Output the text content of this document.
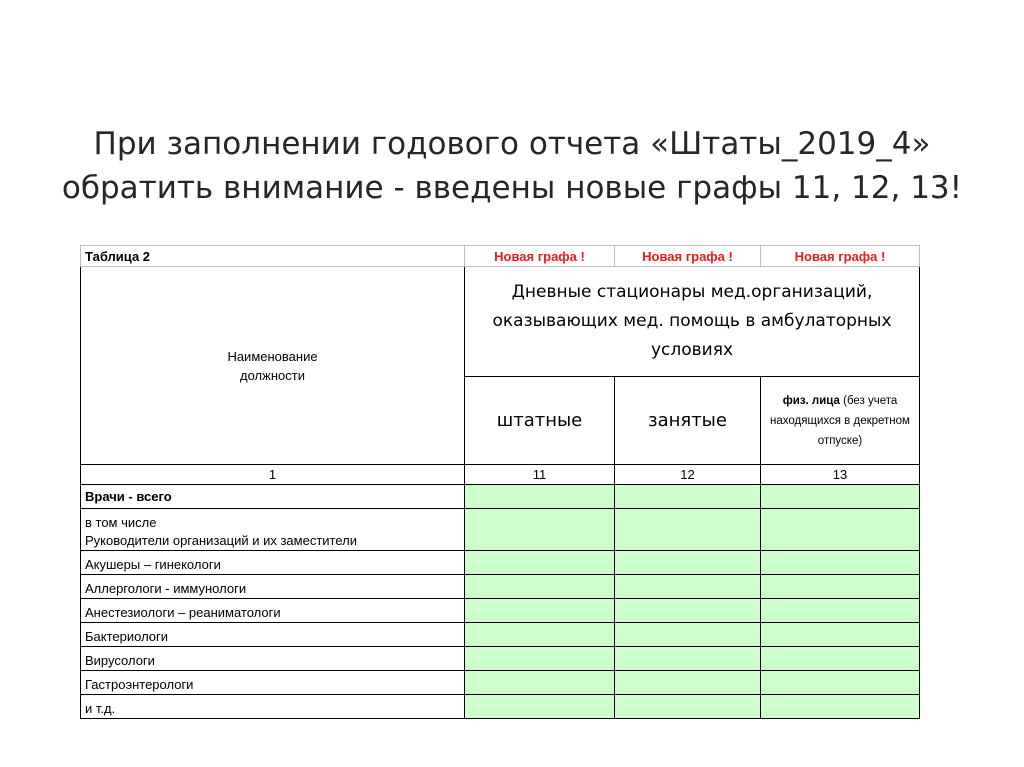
При заполнении годового отчета «Штаты_2019_4»
обратить внимание - введены новые графы 11, 12, 13!
Таблица 2	Новая графа !	Новая графа !	Новая графа !

Наименование
должности	Дневные стационары мед.организаций, оказывающих мед. помощь в амбулаторных условиях		

	штатные	занятые	физ. лица (без учета находящихся в декретном отпуске)

1	11	12	13
Врачи - всего			

в том числе
Руководители организаций и их заместители			

Акушеры – гинекологи			
Аллергологи - иммунологи			
Анестезиологи – реаниматологи			
Бактериологи			
Вирусологи			
Гастроэнтерологи			
и т.д.			
